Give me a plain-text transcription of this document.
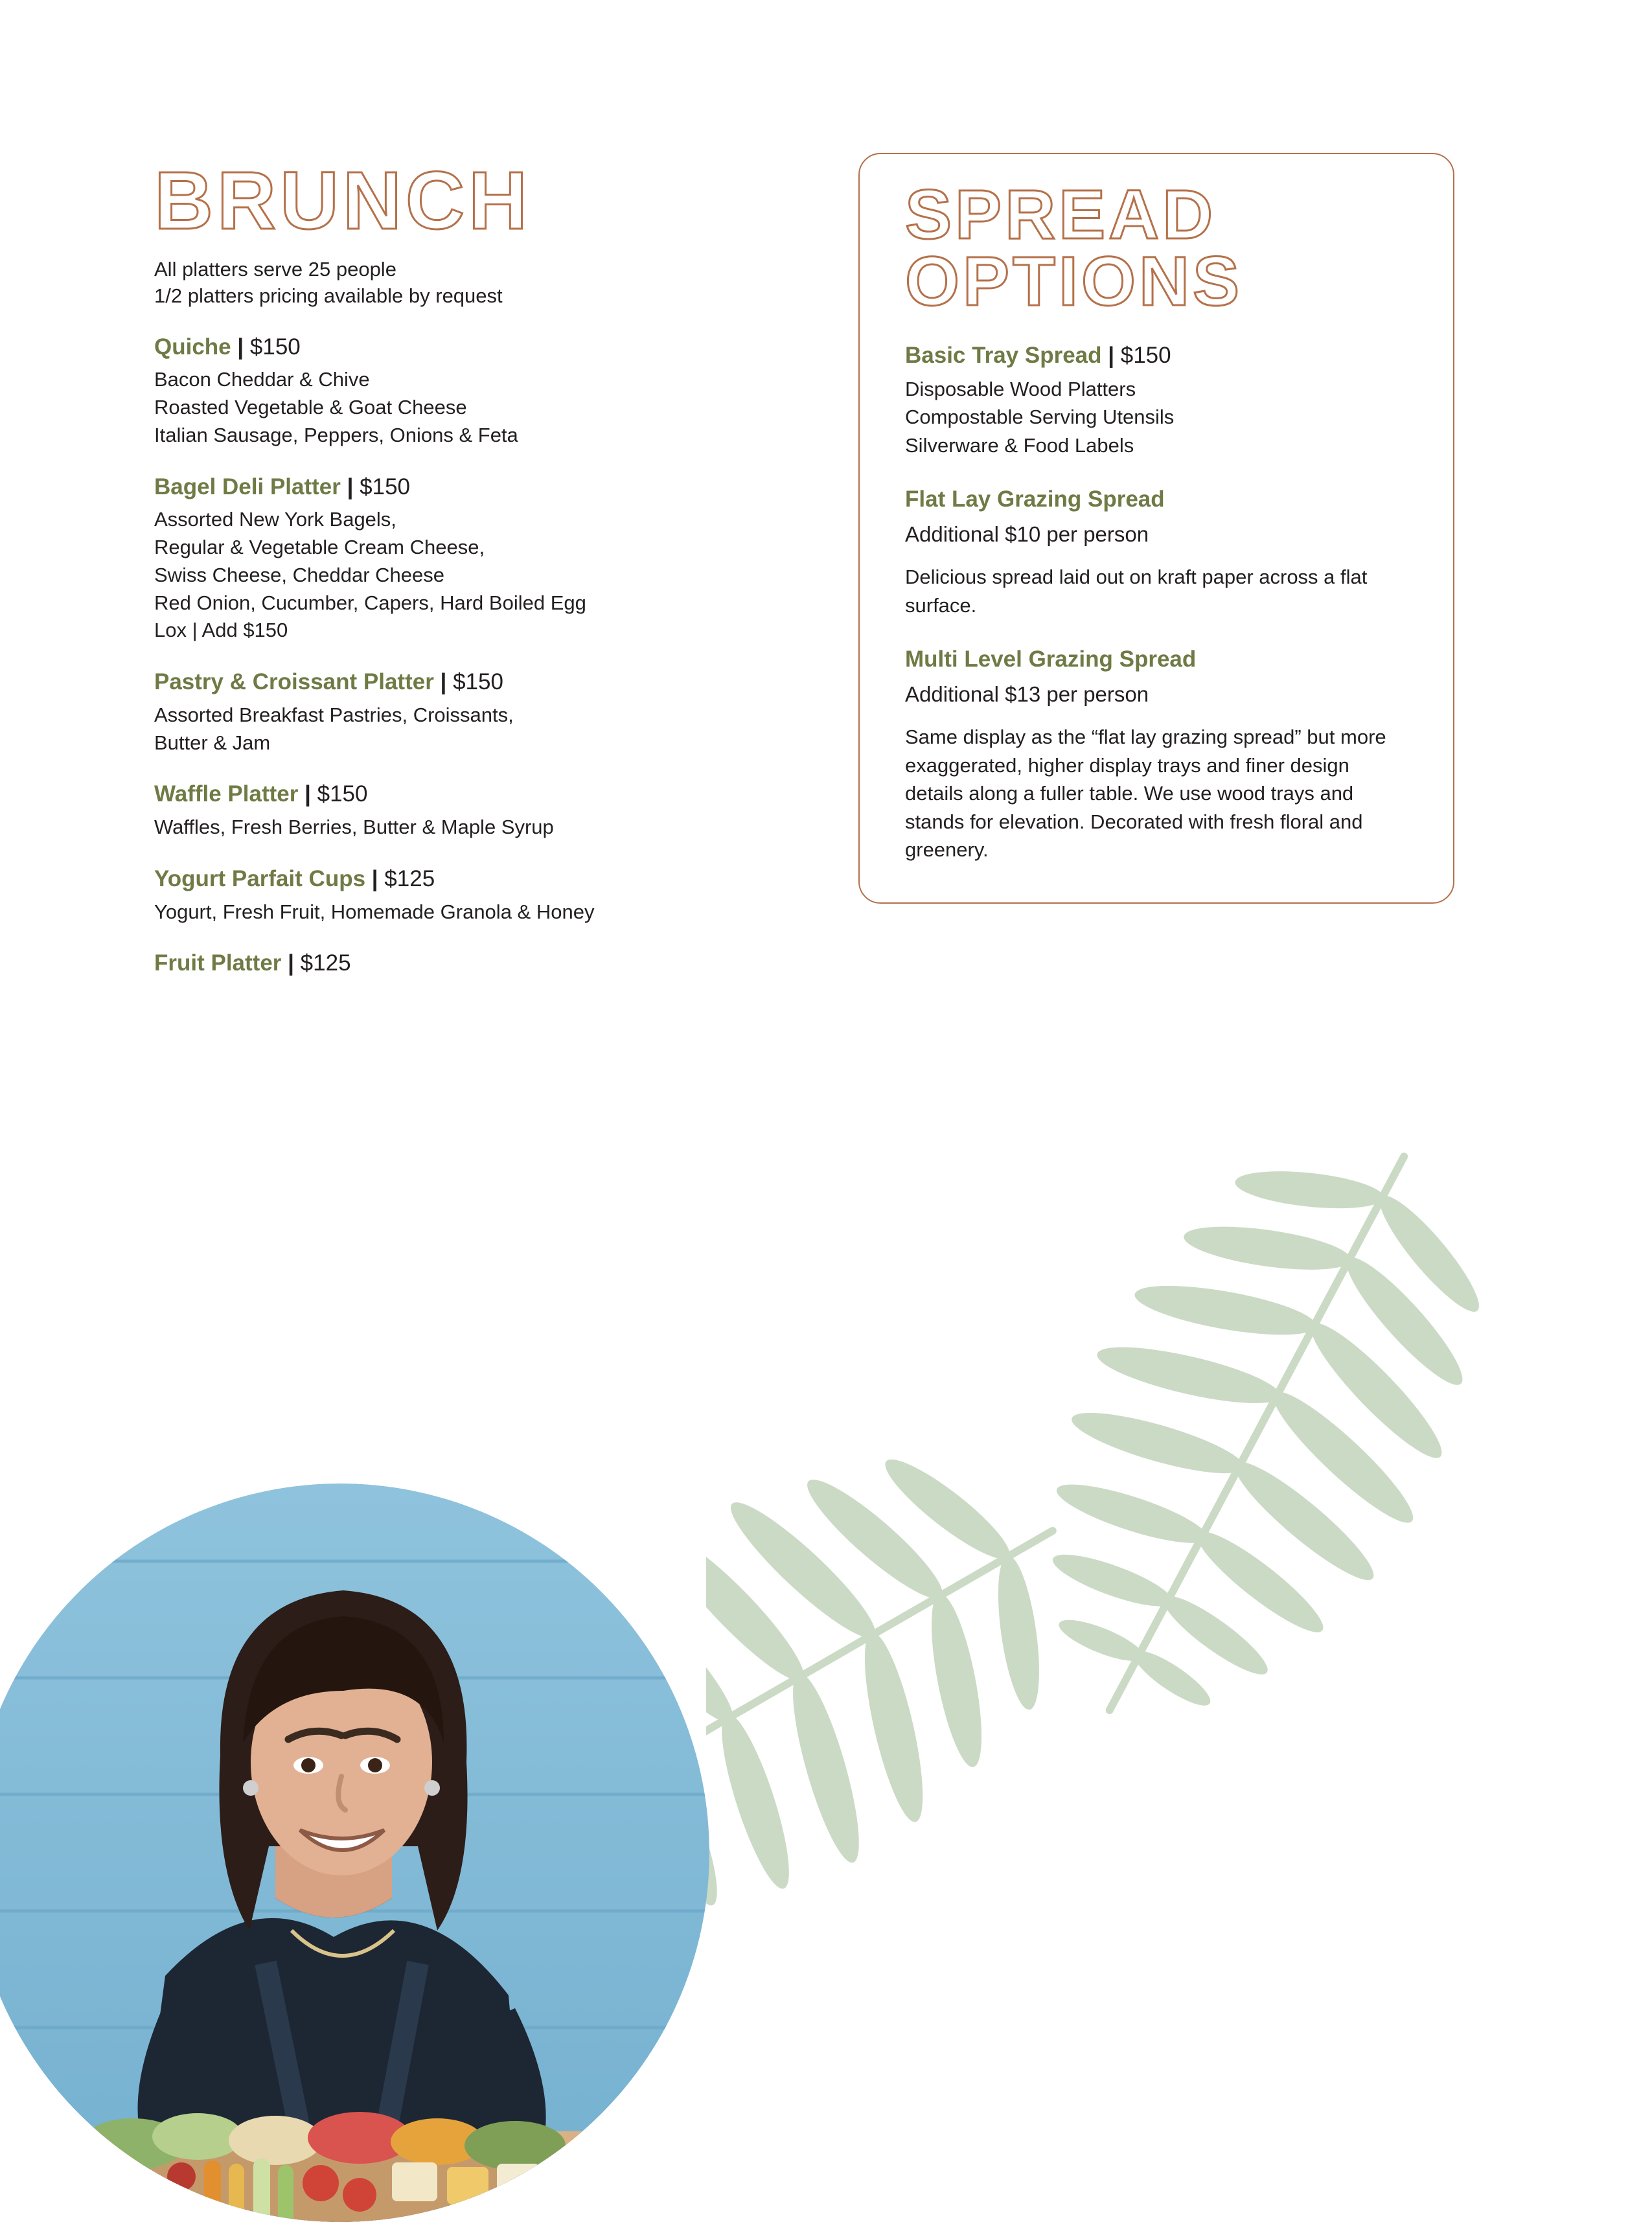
BRUNCH
All platters serve 25 people
1/2 platters pricing available by request
Quiche | $150
Bacon Cheddar & Chive
Roasted Vegetable & Goat Cheese
Italian Sausage, Peppers, Onions & Feta
Bagel Deli Platter | $150
Assorted New York Bagels,
Regular & Vegetable Cream Cheese,
Swiss Cheese, Cheddar Cheese
Red Onion, Cucumber, Capers, Hard Boiled Egg
Lox | Add $150
Pastry & Croissant Platter | $150
Assorted Breakfast Pastries, Croissants,
Butter & Jam
Waffle Platter | $150
Waffles, Fresh Berries, Butter & Maple Syrup
Yogurt Parfait Cups | $125
Yogurt, Fresh Fruit, Homemade Granola & Honey
Fruit Platter | $125
SPREAD
OPTIONS
Basic Tray Spread | $150
Disposable Wood Platters
Compostable Serving Utensils
Silverware & Food Labels
Flat Lay Grazing Spread
Additional $10 per person
Delicious spread laid out on kraft paper across a flat surface.
Multi Level Grazing Spread
Additional $13 per person
Same display as the “flat lay grazing spread” but more exaggerated, higher display trays and finer design details along a fuller table. We use wood trays and stands for elevation. Decorated with fresh floral and greenery.
